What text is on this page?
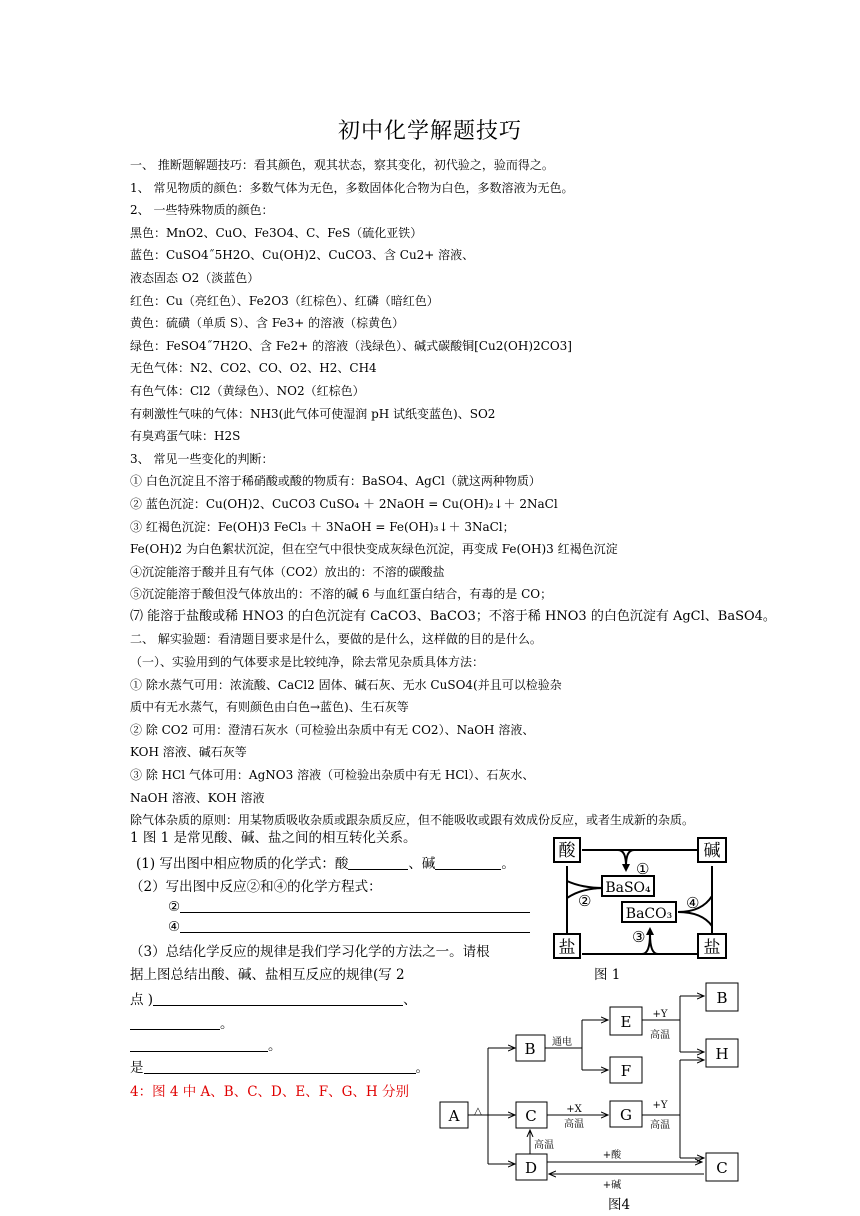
初中化学解题技巧
一、 推断题解题技巧：看其颜色，观其状态，察其变化，初代验之，验而得之。
1、 常见物质的颜色：多数气体为无色，多数固体化合物为白色，多数溶液为无色。
2、 一些特殊物质的颜色：
黑色：MnO2、CuO、Fe3O4、C、FeS（硫化亚铁）
蓝色：CuSO4˝5H2O、Cu(OH)2、CuCO3、含 Cu2+ 溶液、
液态固态 O2（淡蓝色）
红色：Cu（亮红色）、Fe2O3（红棕色）、红磷（暗红色）
黄色：硫磺（单质 S）、含 Fe3+ 的溶液（棕黄色）
绿色：FeSO4˝7H2O、含 Fe2+ 的溶液（浅绿色）、碱式碳酸铜[Cu2(OH)2CO3]
无色气体：N2、CO2、CO、O2、H2、CH4
有色气体：Cl2（黄绿色）、NO2（红棕色）
有刺激性气味的气体：NH3(此气体可使湿润 pH 试纸变蓝色)、SO2
有臭鸡蛋气味：H2S
3、 常见一些变化的判断：
① 白色沉淀且不溶于稀硝酸或酸的物质有：BaSO4、AgCl（就这两种物质）
② 蓝色沉淀：Cu(OH)2、CuCO3 CuSO₄ ＋ 2NaOH = Cu(OH)₂↓＋ 2NaCl
③ 红褐色沉淀：Fe(OH)3 FeCl₃ ＋ 3NaOH = Fe(OH)₃↓＋ 3NaCl；
Fe(OH)2 为白色絮状沉淀，但在空气中很快变成灰绿色沉淀，再变成 Fe(OH)3 红褐色沉淀
④沉淀能溶于酸并且有气体（CO2）放出的：不溶的碳酸盐
⑤沉淀能溶于酸但没气体放出的：不溶的碱 6 与血红蛋白结合，有毒的是 CO；
⑺ 能溶于盐酸或稀 HNO3 的白色沉淀有 CaCO3、BaCO3；不溶于稀 HNO3 的白色沉淀有 AgCl、BaSO4。
二、 解实验题：看清题目要求是什么，要做的是什么，这样做的目的是什么。
（一）、实验用到的气体要求是比较纯净，除去常见杂质具体方法：
① 除水蒸气可用：浓流酸、CaCl2 固体、碱石灰、无水 CuSO4(并且可以检验杂
质中有无水蒸气，有则颜色由白色→蓝色)、生石灰等
② 除 CO2 可用：澄清石灰水（可检验出杂质中有无 CO2）、NaOH 溶液、
KOH 溶液、碱石灰等
③ 除 HCl 气体可用：AgNO3 溶液（可检验出杂质中有无 HCl）、石灰水、
NaOH 溶液、KOH 溶液
除气体杂质的原则：用某物质吸收杂质或跟杂质反应，但不能吸收或跟有效成份反应，或者生成新的杂质。
1 图 1 是常见酸、碱、盐之间的相互转化关系。
(1) 写出图中相应物质的化学式：酸	、碱	。
（2）写出图中反应②和④的化学方程式：
②
④
（3）总结化学反应的规律是我们学习化学的方法之一。请根
据上图总结出酸、碱、盐相互反应的规律(写 2
点 )	、
。
。
是	。
4：图 4 中 A、B、C、D、E、F、G、H 分别
酸	碱
盐	盐
BaSO₄
BaCO₃
①
②
③
④
图 1
A
B
C
D
E
F
G
B
H
C
通电
+Y
高温
+X
高温
+Y
高温
高温
△
+酸
+碱
图4
